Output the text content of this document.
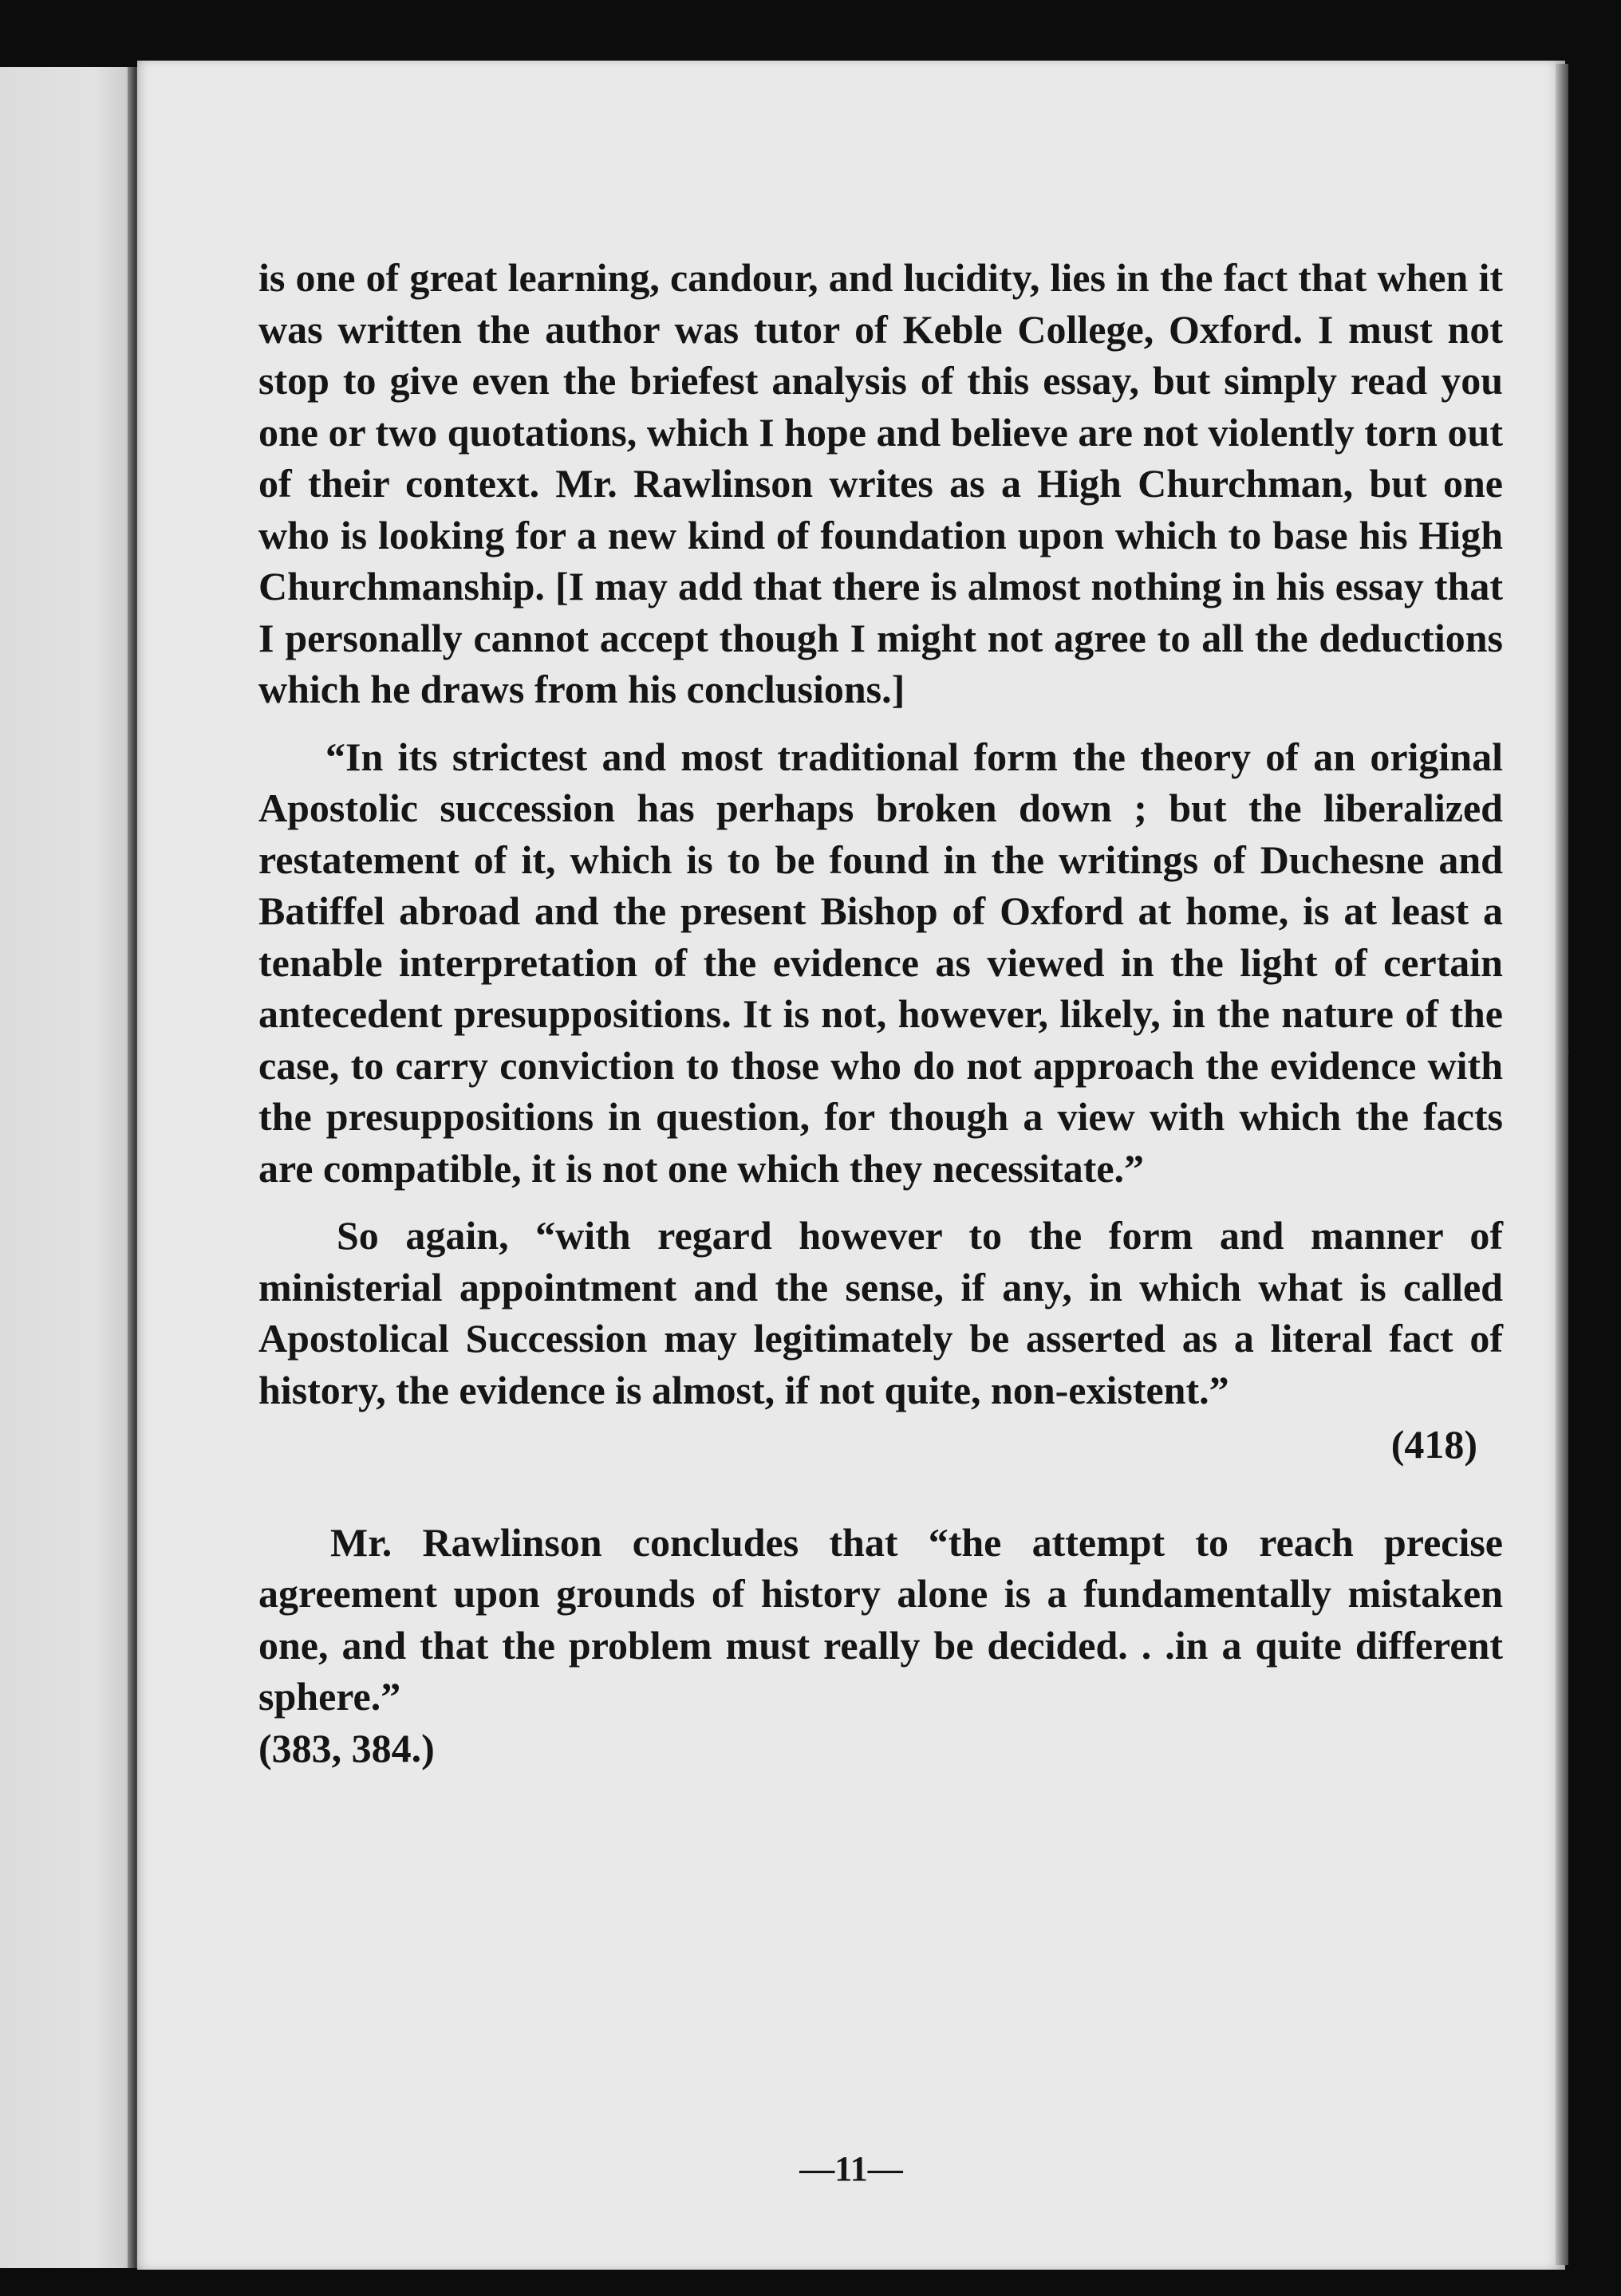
is one of great learning, candour, and lucidity, lies in the fact that when it was written the author was tutor of Keble College, Oxford. I must not stop to give even the briefest analysis of this essay, but simply read you one or two quotations, which I hope and believe are not violently torn out of their context. Mr. Rawlinson writes as a High Churchman, but one who is looking for a new kind of foundation upon which to base his High Churchmanship. [I may add that there is almost nothing in his essay that I personally cannot accept though I might not agree to all the deductions which he draws from his conclusions.]

“In its strictest and most traditional form the theory of an original Apostolic succession has perhaps broken down ; but the liberalized restatement of it, which is to be found in the writings of Duchesne and Batiffel abroad and the present Bishop of Oxford at home, is at least a tenable interpretation of the evidence as viewed in the light of certain antecedent presuppositions. It is not, however, likely, in the nature of the case, to carry conviction to those who do not approach the evidence with the presuppositions in question, for though a view with which the facts are compatible, it is not one which they necessitate.”

So again, “with regard however to the form and manner of ministerial appointment and the sense, if any, in which what is called Apostolical Succession may legitimately be asserted as a literal fact of history, the evidence is almost, if not quite, non-existent.”

(418)

Mr. Rawlinson concludes that “the attempt to reach precise agreement upon grounds of history alone is a fundamentally mistaken one, and that the problem must really be decided. . .in a quite different sphere.”

(383, 384.)

—11—
